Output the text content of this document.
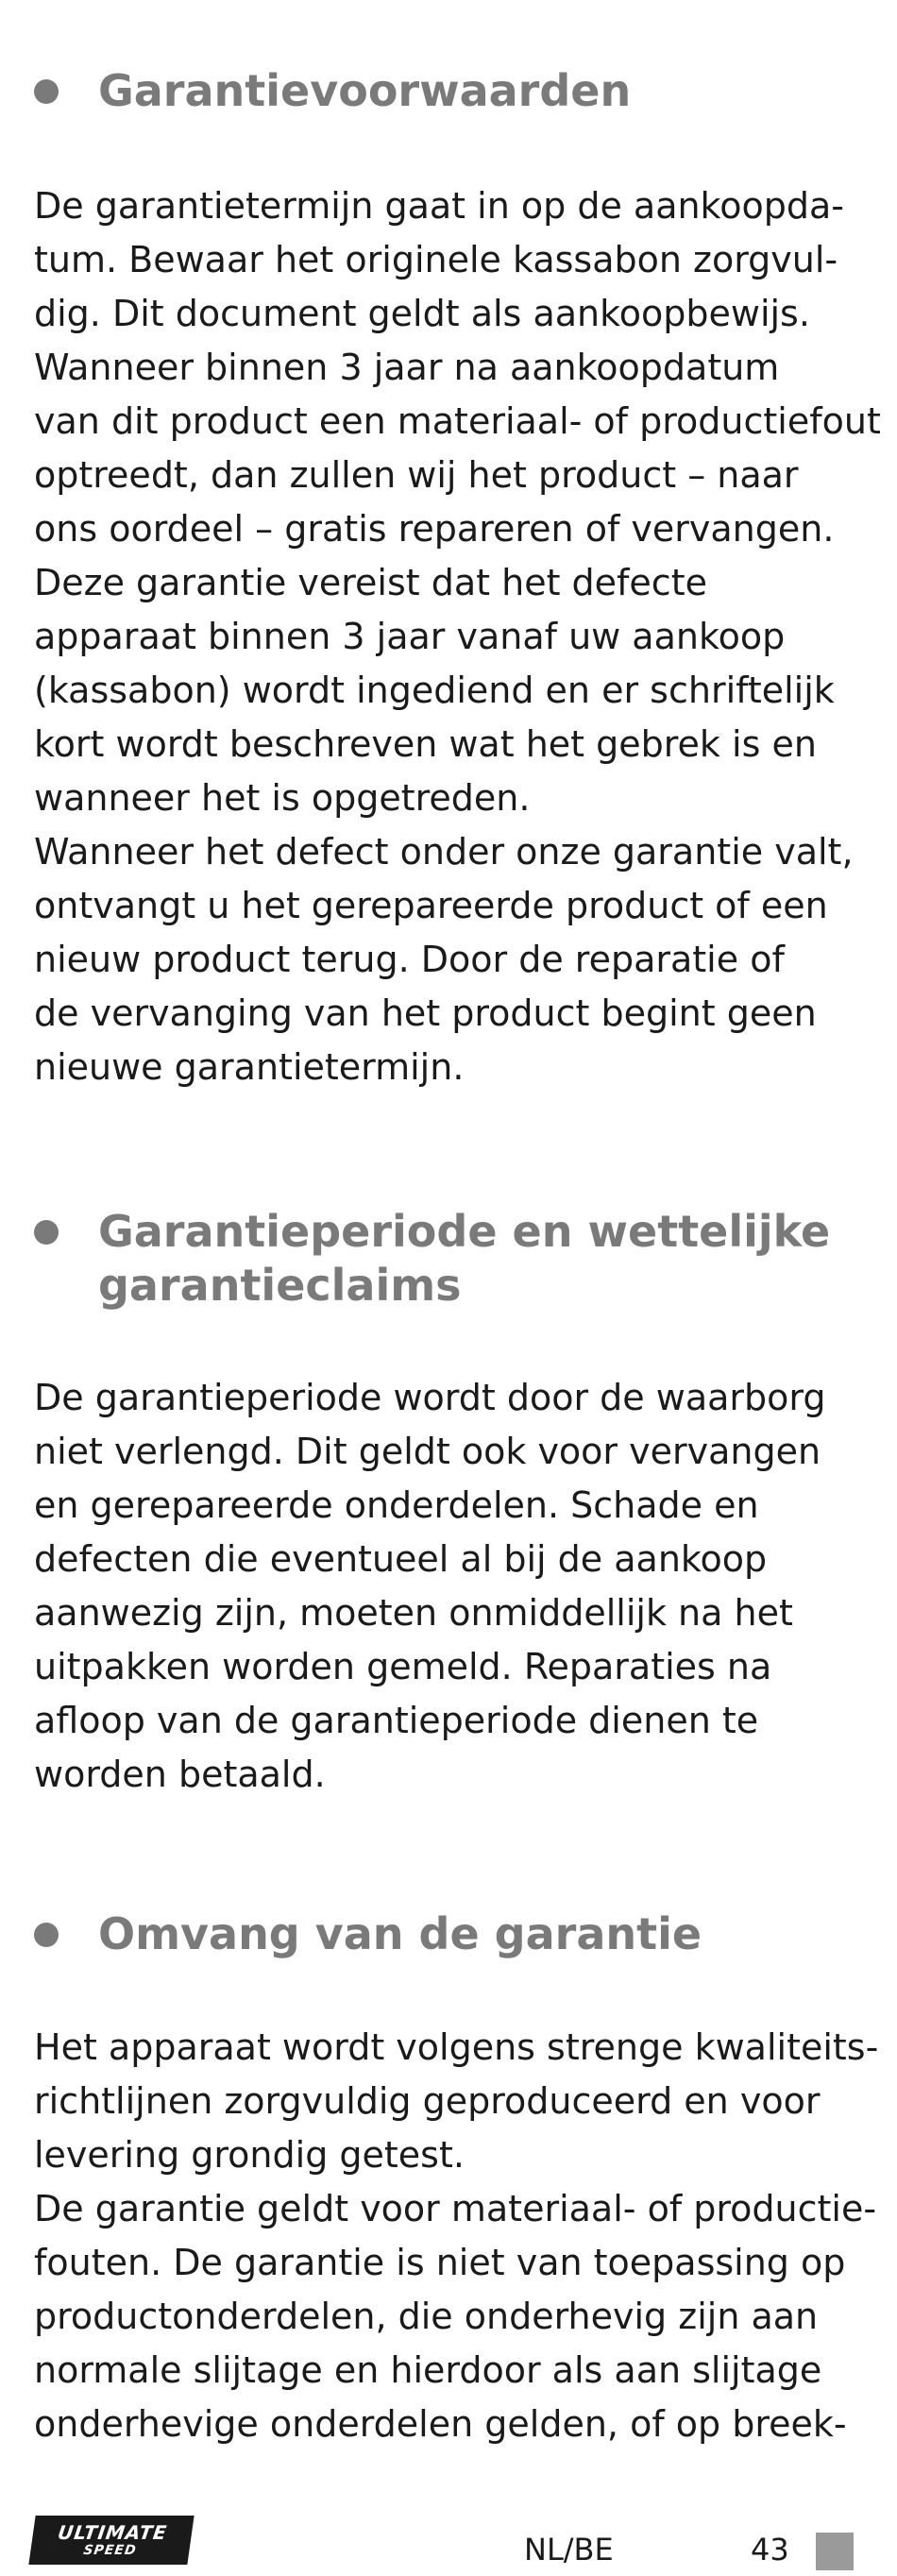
Garantievoorwaarden
De garantietermijn gaat in op de aankoopda-
tum. Bewaar het originele kassabon zorgvul-
dig. Dit document geldt als aankoopbewijs.
Wanneer binnen 3 jaar na aankoopdatum
van dit product een materiaal- of productiefout
optreedt, dan zullen wij het product – naar
ons oordeel – gratis repareren of vervangen.
Deze garantie vereist dat het defecte
apparaat binnen 3 jaar vanaf uw aankoop
(kassabon) wordt ingediend en er schriftelijk
kort wordt beschreven wat het gebrek is en
wanneer het is opgetreden.
Wanneer het defect onder onze garantie valt,
ontvangt u het gerepareerde product of een
nieuw product terug. Door de reparatie of
de vervanging van het product begint geen
nieuwe garantietermijn.
Garantieperiode en wettelijke
garantieclaims
De garantieperiode wordt door de waarborg
niet verlengd. Dit geldt ook voor vervangen
en gerepareerde onderdelen. Schade en
defecten die eventueel al bij de aankoop
aanwezig zijn, moeten onmiddellijk na het
uitpakken worden gemeld. Reparaties na
afloop van de garantieperiode dienen te
worden betaald.
Omvang van de garantie
Het apparaat wordt volgens strenge kwaliteits-
richtlijnen zorgvuldig geproduceerd en voor
levering grondig getest.
De garantie geldt voor materiaal- of productie-
fouten. De garantie is niet van toepassing op
productonderdelen, die onderhevig zijn aan
normale slijtage en hierdoor als aan slijtage
onderhevige onderdelen gelden, of op breek-
ULTIMATE
SPEED	NL/BE	43
